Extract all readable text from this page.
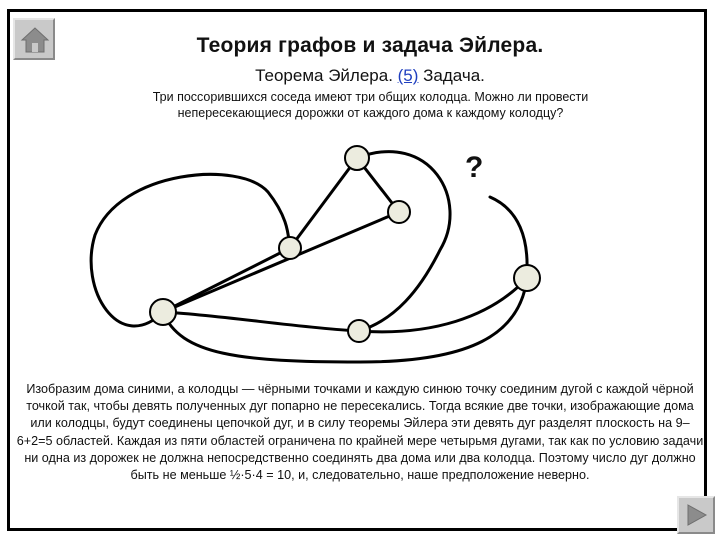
Теория графов и задача Эйлера.
Теорема Эйлера. (5) Задача.
Три поссорившихся соседа имеют три общих колодца. Можно ли провести непересекающиеся дорожки от каждого дома к каждому колодцу?
?
Изобразим дома синими, а колодцы — чёрными точками и каждую синюю точку соединим дугой с каждой чёрной точкой так, чтобы девять полученных дуг попарно не пересекались. Тогда всякие две точки, изображающие дома или колодцы, будут соединены цепочкой дуг, и в силу теоремы Эйлера эти девять дуг разделят плоскость на 9–6+2=5 областей. Каждая из пяти областей ограничена по крайней мере четырьмя дугами, так как по условию задачи ни одна из дорожек не должна непосредственно соединять два дома или два колодца. Поэтому число дуг должно быть не меньше ½·5·4 = 10, и, следовательно, наше предположение неверно.
